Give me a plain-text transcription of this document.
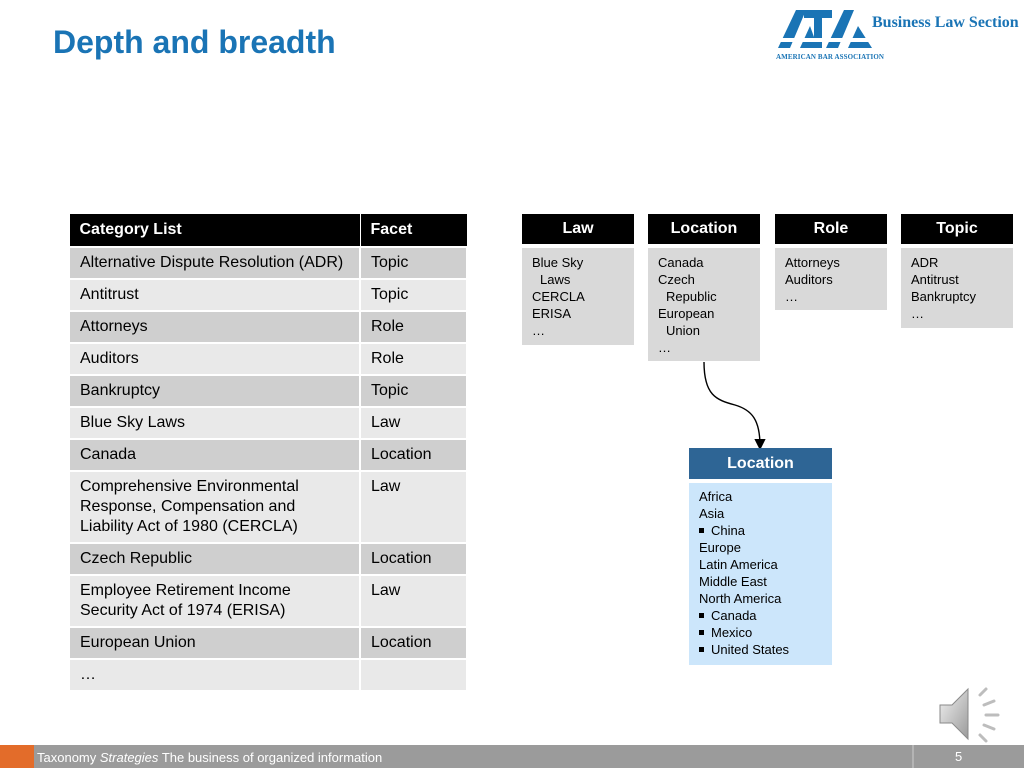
Depth and breadth
Business Law Section
AMERICAN BAR ASSOCIATION
Category List	Facet
Alternative Dispute Resolution (ADR)	Topic
Antitrust	Topic
Attorneys	Role
Auditors	Role
Bankruptcy	Topic
Blue Sky Laws	Law
Canada	Location
Comprehensive Environmental Response, Compensation and Liability Act of 1980 (CERCLA)	Law
Czech Republic	Location
Employee Retirement Income Security Act of 1974 (ERISA)	Law
European Union	Location
…	
Law
Blue Sky
Laws
CERCLA
ERISA
…
Location
Canada
Czech
Republic
European
Union
…
Role
Attorneys
Auditors
…
Topic
ADR
Antitrust
Bankruptcy
…
Location
Africa
Asia
China
Europe
Latin America
Middle East
North America
Canada
Mexico
United States
Taxonomy Strategies The business of organized information	5
